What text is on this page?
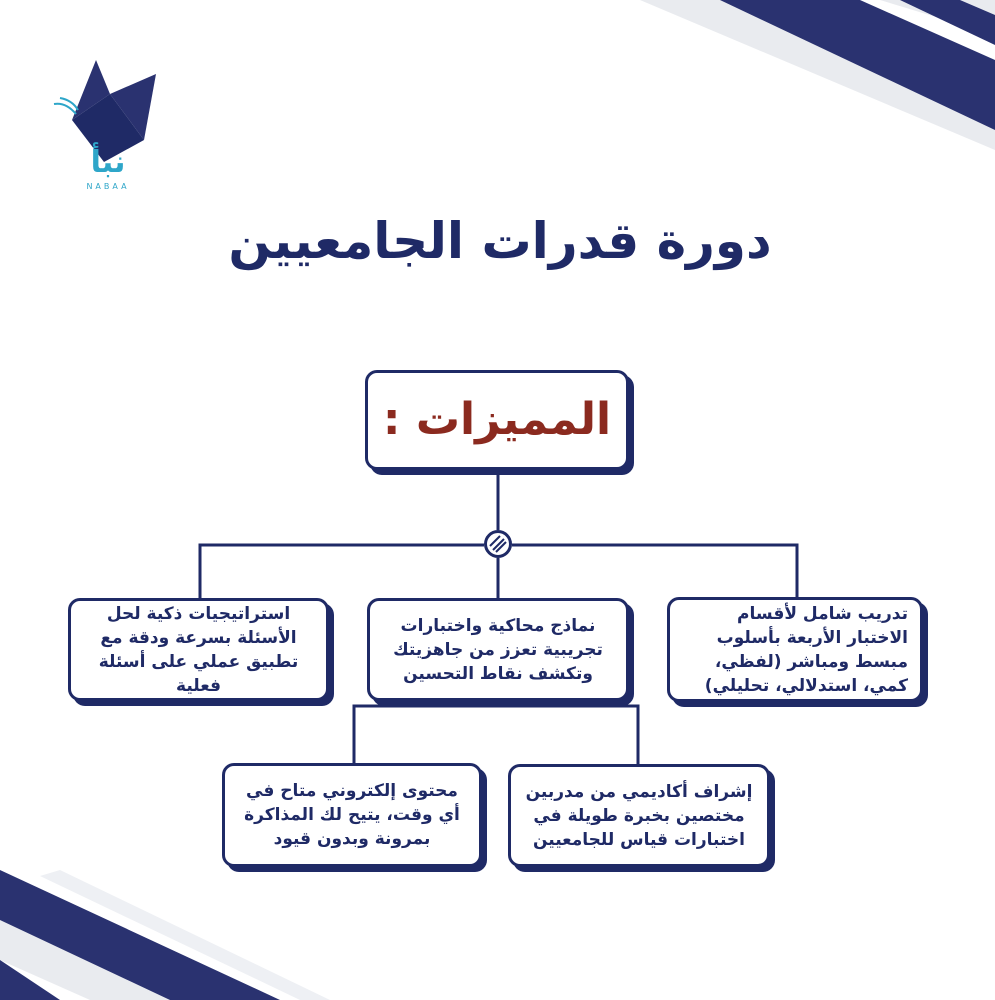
نبأ
NABAA
دورة قدرات الجامعيين
المميزات :
تدريب شامل لأقسام الاختبار الأربعة بأسلوب مبسط ومباشر (لفظي، كمي، استدلالي، تحليلي)
نماذج محاكية واختبارات تجريبية تعزز من جاهزيتك وتكشف نقاط التحسين
استراتيجيات ذكية لحل الأسئلة بسرعة ودقة مع تطبيق عملي على أسئلة فعلية
إشراف أكاديمي من مدربين مختصين بخبرة طويلة في اختبارات قياس للجامعيين
محتوى إلكتروني متاح في أي وقت، يتيح لك المذاكرة بمرونة وبدون قيود
